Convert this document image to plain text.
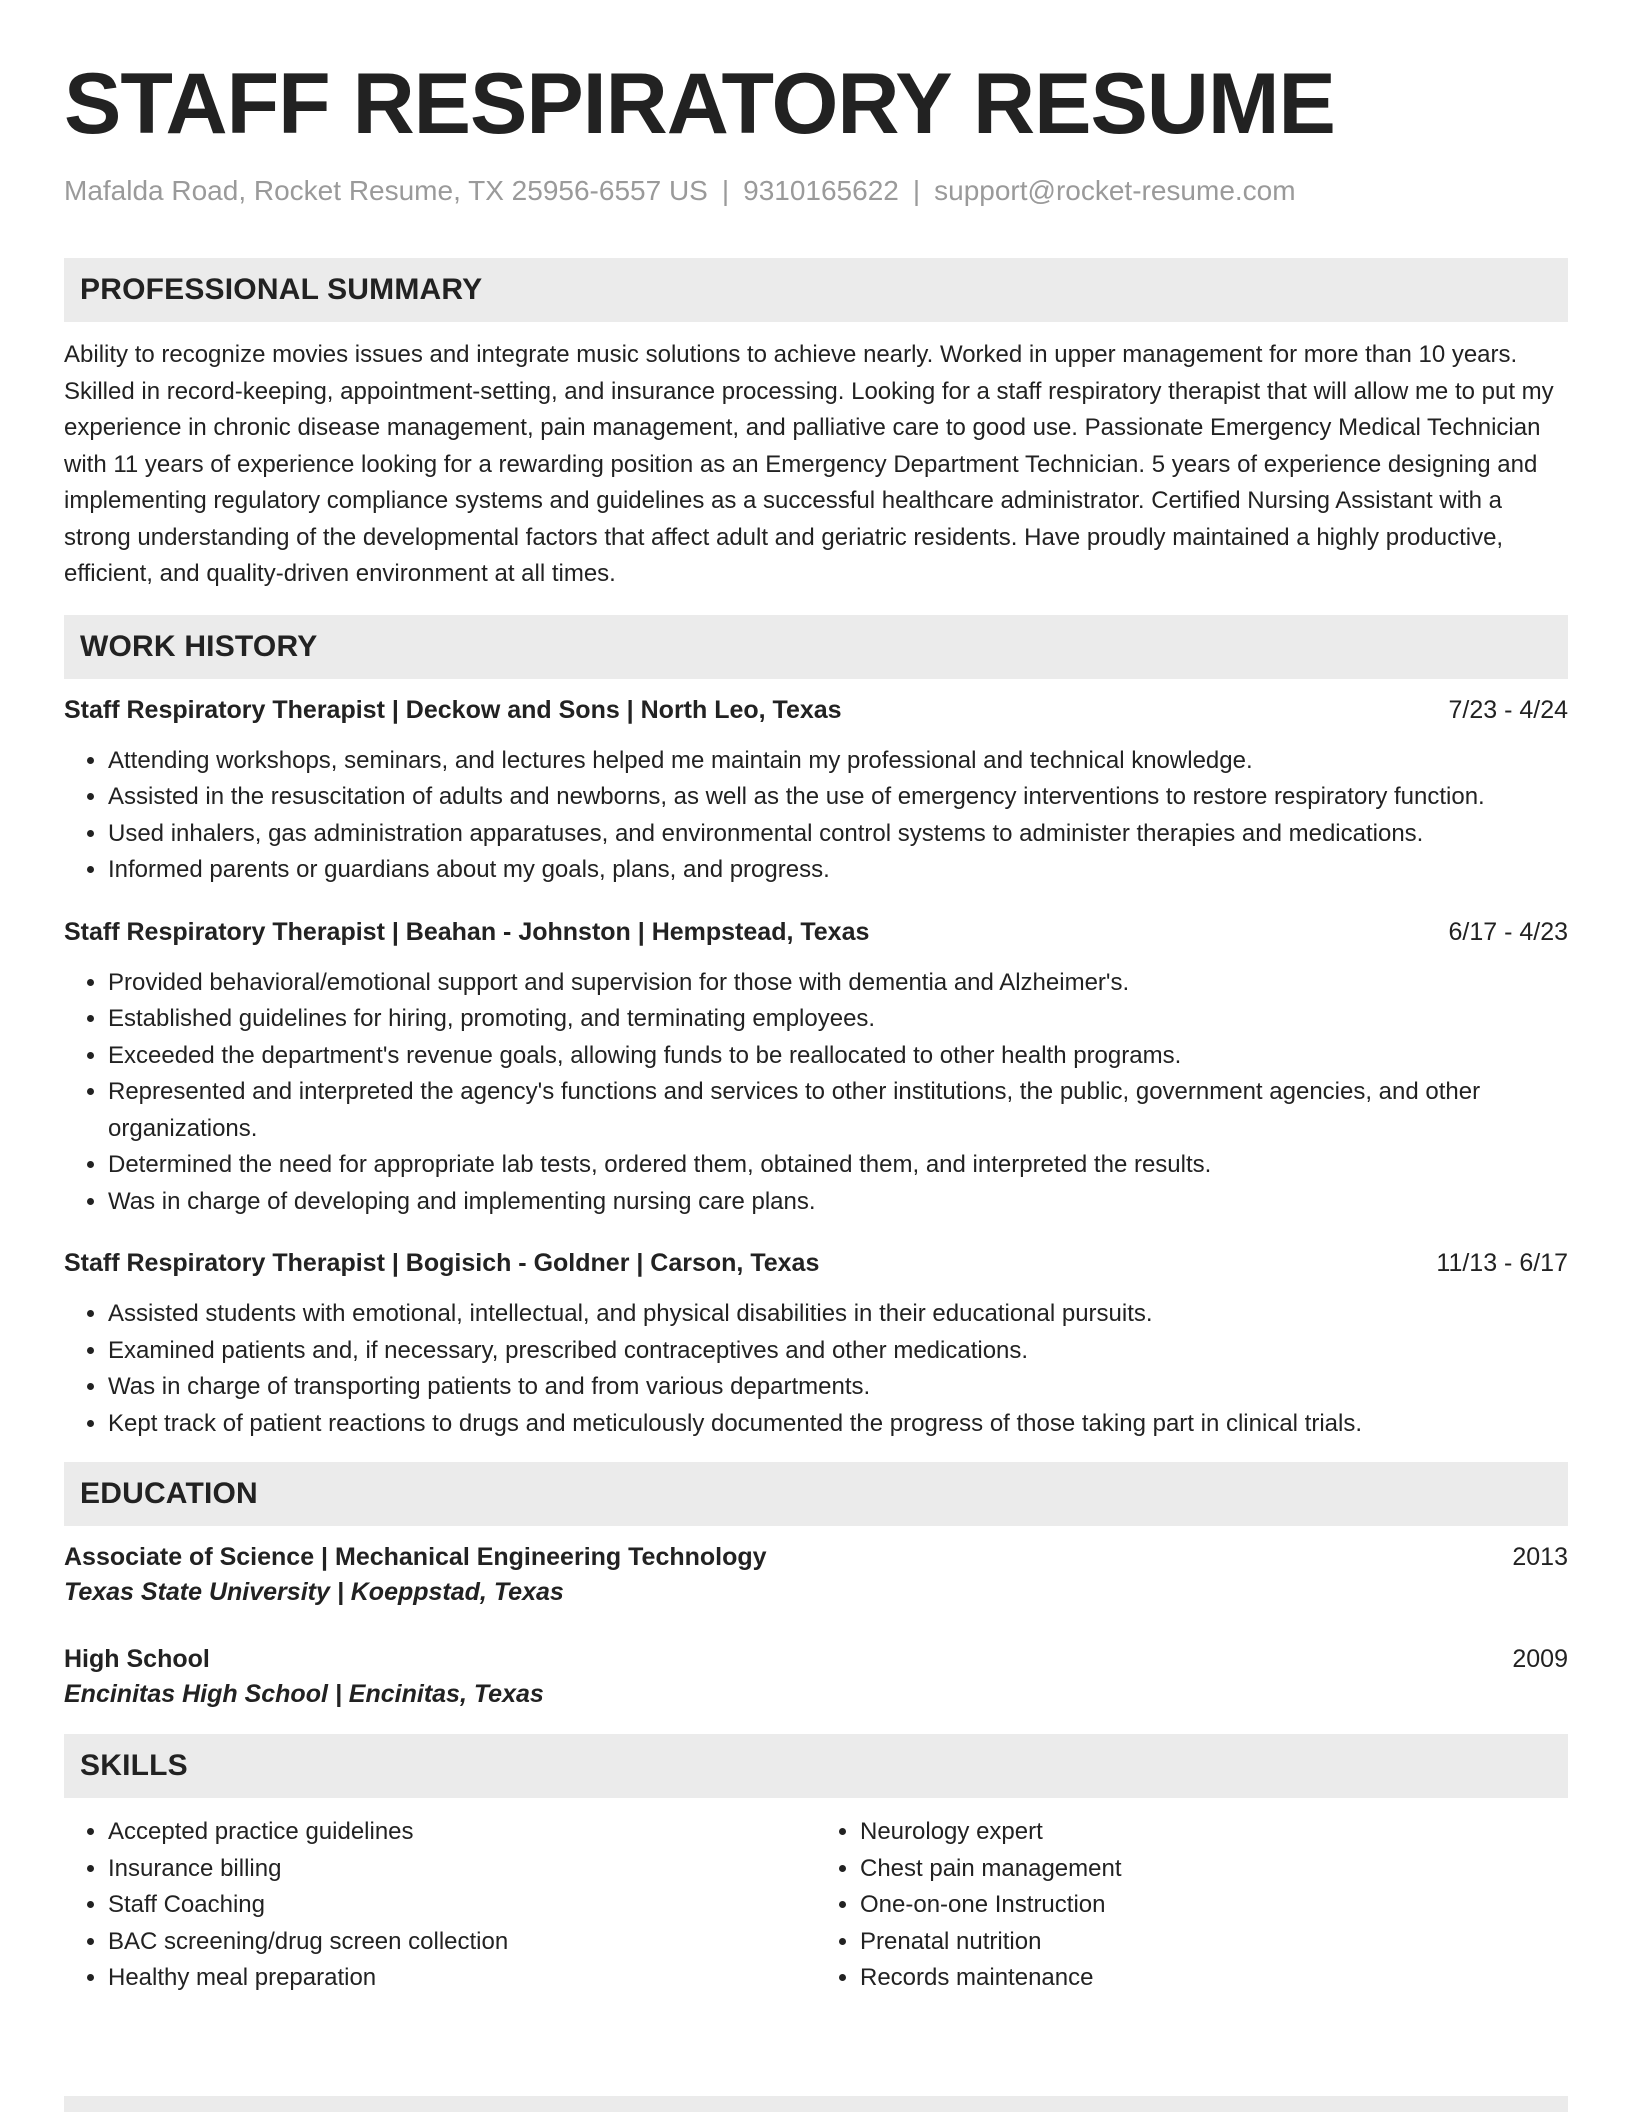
STAFF RESPIRATORY RESUME
Mafalda Road, Rocket Resume, TX 25956-6557 US | 9310165622 | support@rocket-resume.com
PROFESSIONAL SUMMARY
Ability to recognize movies issues and integrate music solutions to achieve nearly. Worked in upper management for more than 10 years. Skilled in record-keeping, appointment-setting, and insurance processing. Looking for a staff respiratory therapist that will allow me to put my experience in chronic disease management, pain management, and palliative care to good use. Passionate Emergency Medical Technician with 11 years of experience looking for a rewarding position as an Emergency Department Technician. 5 years of experience designing and implementing regulatory compliance systems and guidelines as a successful healthcare administrator. Certified Nursing Assistant with a strong understanding of the developmental factors that affect adult and geriatric residents. Have proudly maintained a highly productive, efficient, and quality-driven environment at all times.
WORK HISTORY
Staff Respiratory Therapist | Deckow and Sons | North Leo, Texas	7/23 - 4/24
• Attending workshops, seminars, and lectures helped me maintain my professional and technical knowledge.
• Assisted in the resuscitation of adults and newborns, as well as the use of emergency interventions to restore respiratory function.
• Used inhalers, gas administration apparatuses, and environmental control systems to administer therapies and medications.
• Informed parents or guardians about my goals, plans, and progress.
Staff Respiratory Therapist | Beahan - Johnston | Hempstead, Texas	6/17 - 4/23
• Provided behavioral/emotional support and supervision for those with dementia and Alzheimer's.
• Established guidelines for hiring, promoting, and terminating employees.
• Exceeded the department's revenue goals, allowing funds to be reallocated to other health programs.
• Represented and interpreted the agency's functions and services to other institutions, the public, government agencies, and other organizations.
• Determined the need for appropriate lab tests, ordered them, obtained them, and interpreted the results.
• Was in charge of developing and implementing nursing care plans.
Staff Respiratory Therapist | Bogisich - Goldner | Carson, Texas	11/13 - 6/17
• Assisted students with emotional, intellectual, and physical disabilities in their educational pursuits.
• Examined patients and, if necessary, prescribed contraceptives and other medications.
• Was in charge of transporting patients to and from various departments.
• Kept track of patient reactions to drugs and meticulously documented the progress of those taking part in clinical trials.
EDUCATION
Associate of Science | Mechanical Engineering Technology	2013
Texas State University | Koeppstad, Texas
High School	2009
Encinitas High School | Encinitas, Texas
SKILLS
• Accepted practice guidelines
• Insurance billing
• Staff Coaching
• BAC screening/drug screen collection
• Healthy meal preparation
• Neurology expert
• Chest pain management
• One-on-one Instruction
• Prenatal nutrition
• Records maintenance
